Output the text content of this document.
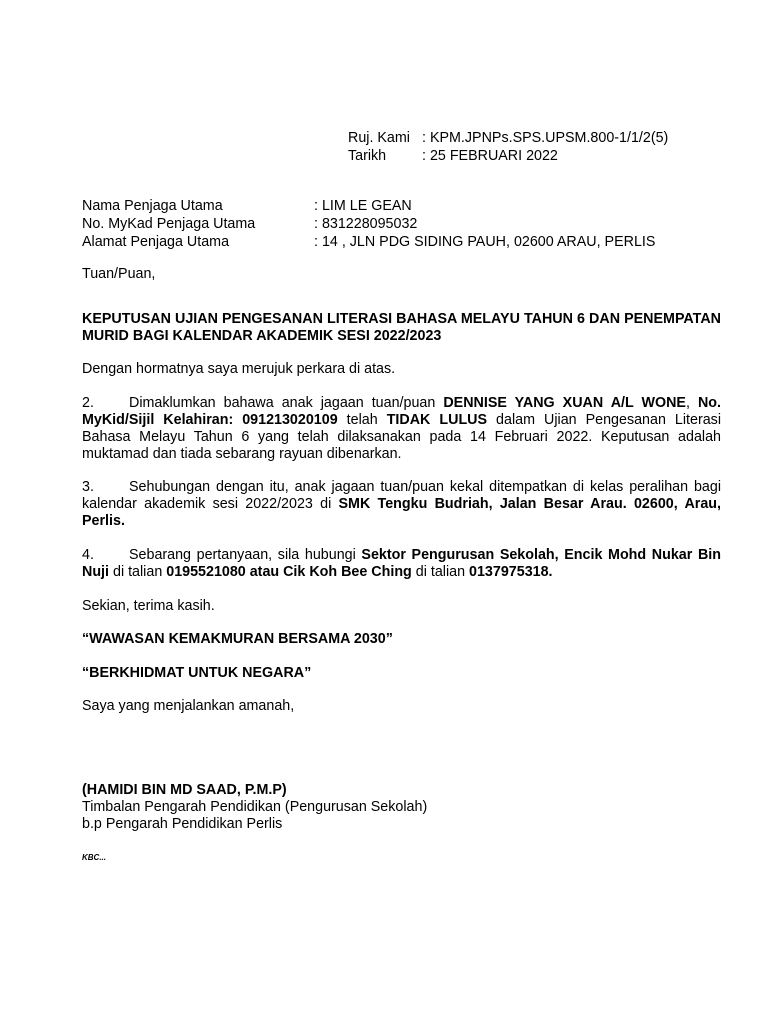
Ruj. Kami : KPM.JPNPs.SPS.UPSM.800-1/1/2(5)
Tarikh	: 25 FEBRUARI 2022
Nama Penjaga Utama	: LIM LE GEAN
No. MyKad Penjaga Utama	: 831228095032
Alamat Penjaga Utama	: 14 , JLN PDG SIDING PAUH, 02600 ARAU, PERLIS
Tuan/Puan,
KEPUTUSAN UJIAN PENGESANAN LITERASI BAHASA MELAYU TAHUN 6 DAN PENEMPATAN MURID BAGI KALENDAR AKADEMIK SESI 2022/2023
Dengan hormatnya saya merujuk perkara di atas.
2. Dimaklumkan bahawa anak jagaan tuan/puan DENNISE YANG XUAN A/L WONE, No. MyKid/Sijil Kelahiran: 091213020109 telah TIDAK LULUS dalam Ujian Pengesanan Literasi Bahasa Melayu Tahun 6 yang telah dilaksanakan pada 14 Februari 2022. Keputusan adalah muktamad dan tiada sebarang rayuan dibenarkan.
3. Sehubungan dengan itu, anak jagaan tuan/puan kekal ditempatkan di kelas peralihan bagi kalendar akademik sesi 2022/2023 di SMK Tengku Budriah, Jalan Besar Arau. 02600, Arau, Perlis.
4. Sebarang pertanyaan, sila hubungi Sektor Pengurusan Sekolah, Encik Mohd Nukar Bin Nuji di talian 0195521080 atau Cik Koh Bee Ching di talian 0137975318.
Sekian, terima kasih.
“WAWASAN KEMAKMURAN BERSAMA 2030”
“BERKHIDMAT UNTUK NEGARA”
Saya yang menjalankan amanah,
(HAMIDI BIN MD SAAD, P.M.P)
Timbalan Pengarah Pendidikan (Pengurusan Sekolah)
b.p Pengarah Pendidikan Perlis
KBC...
